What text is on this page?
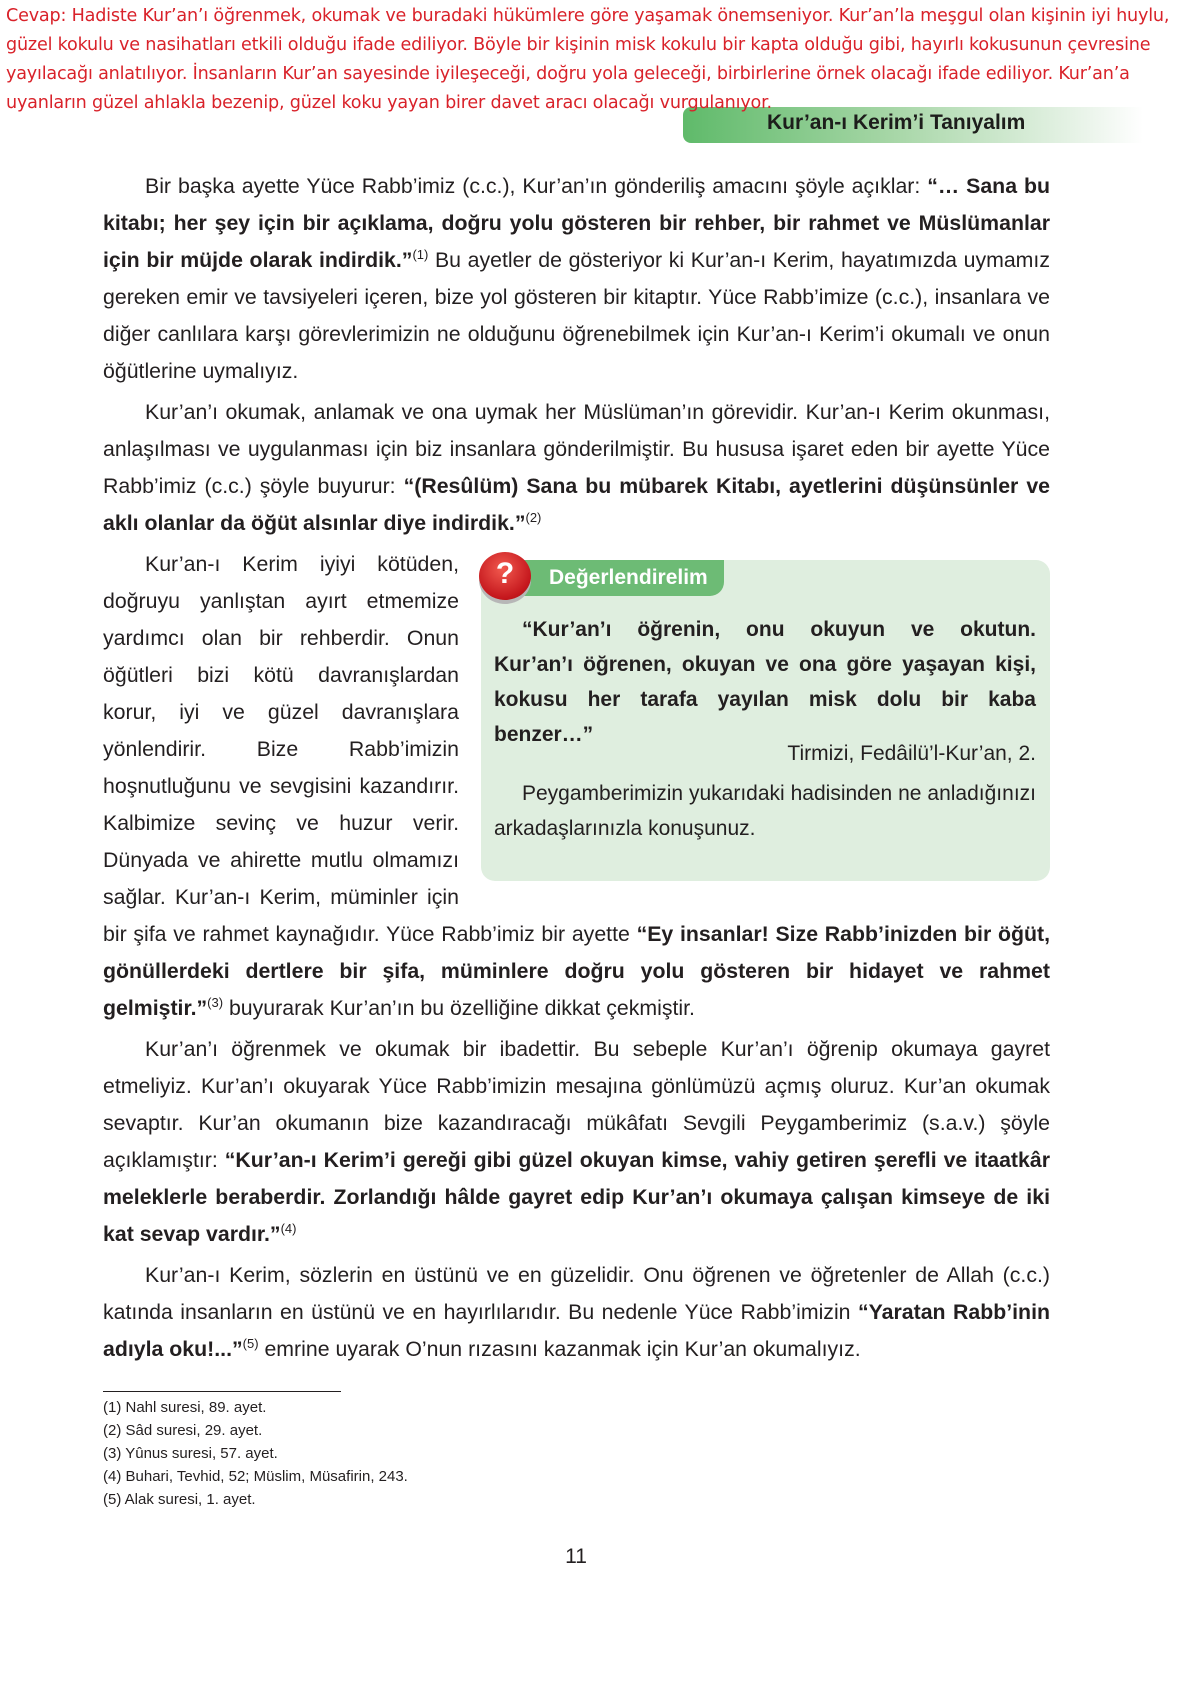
Cevap: Hadiste Kur’an’ı öğrenmek, okumak ve buradaki hükümlere göre yaşamak önemseniyor. Kur’an’la meşgul olan kişinin iyi huylu, güzel kokulu ve nasihatları etkili olduğu ifade ediliyor. Böyle bir kişinin misk kokulu bir kapta olduğu gibi, hayırlı kokusunun çevresine yayılacağı anlatılıyor. İnsanların Kur’an sayesinde iyileşeceği, doğru yola geleceği, birbirlerine örnek olacağı ifade ediliyor. Kur’an’a uyanların güzel ahlakla bezenip, güzel koku yayan birer davet aracı olacağı vurgulanıyor.
Kur’an-ı Kerim’i Tanıyalım

Bir başka ayette Yüce Rabb’imiz (c.c.), Kur’an’ın gönderiliş amacını şöyle açıklar: “… Sana bu kitabı; her şey için bir açıklama, doğru yolu gösteren bir rehber, bir rahmet ve Müslümanlar için bir müjde olarak indirdik.”$^{(1)}$ Bu ayetler de gösteriyor ki Kur’an-ı Kerim, hayatımızda uymamız gereken emir ve tavsiyeleri içeren, bize yol gösteren bir kitaptır. Yüce Rabb’imize (c.c.), insanlara ve diğer canlılara karşı görevlerimizin ne olduğunu öğrenebilmek için Kur’an-ı Kerim’i okumalı ve onun öğütlerine uymalıyız.

Kur’an’ı okumak, anlamak ve ona uymak her Müslüman’ın görevidir. Kur’an-ı Kerim okunması, anlaşılması ve uygulanması için biz insanlara gönderilmiştir. Bu hususa işaret eden bir ayette Yüce Rabb’imiz (c.c.) şöyle buyurur: “(Resûlüm) Sana bu mübarek Kitabı, ayetlerini düşünsünler ve aklı olanlar da öğüt alsınlar diye indirdik.”$^{(2)}$

Değerlendirelim
?
“Kur’an’ı öğrenin, onu okuyun ve okutun.
Kur’an’ı öğrenen, okuyan ve ona göre yaşayan kişi, kokusu her tarafa yayılan misk dolu bir kaba benzer…”
Tirmizi, Fedâilü’l-Kur’an, 2.
Peygamberimizin yukarıdaki hadisinden ne anladığınızı arkadaşlarınızla konuşunuz.
Kur’an-ı Kerim iyiyi kötüden, doğruyu yanlıştan ayırt etmemize yardımcı olan bir rehberdir. Onun öğütleri bizi kötü davranışlardan korur, iyi ve güzel davranışlara yönlendirir. Bize Rabb’imizin hoşnutluğunu ve sevgisini kazandırır. Kalbimize sevinç ve huzur verir. Dünyada ve ahirette mutlu olmamızı sağlar. Kur’an-ı Kerim, müminler için bir şifa ve rahmet kaynağıdır. Yüce Rabb’imiz bir ayette “Ey insanlar! Size Rabb’inizden bir öğüt, gönüllerdeki dertlere bir şifa, müminlere doğru yolu gösteren bir hidayet ve rahmet gelmiştir.”$^{(3)}$ buyurarak Kur’an’ın bu özelliğine dikkat çekmiştir.

Kur’an’ı öğrenmek ve okumak bir ibadettir. Bu sebeple Kur’an’ı öğrenip okumaya gayret etmeliyiz. Kur’an’ı okuyarak Yüce Rabb’imizin mesajına gönlümüzü açmış oluruz. Kur’an okumak sevaptır. Kur’an okumanın bize kazandıracağı mükâfatı Sevgili Peygamberimiz (s.a.v.) şöyle açıklamıştır: “Kur’an-ı Kerim’i gereği gibi güzel okuyan kimse, vahiy getiren şerefli ve itaatkâr meleklerle beraberdir. Zorlandığı hâlde gayret edip Kur’an’ı okumaya çalışan kimseye de iki kat sevap vardır.”$^{(4)}$

Kur’an-ı Kerim, sözlerin en üstünü ve en güzelidir. Onu öğrenen ve öğretenler de Allah (c.c.) katında insanların en üstünü ve en hayırlılarıdır. Bu nedenle Yüce Rabb’imizin “Yaratan Rabb’inin adıyla oku!...”$^{(5)}$ emrine uyarak O’nun rızasını kazanmak için Kur’an okumalıyız.

(1) Nahl suresi, 89. ayet.
(2) Sâd suresi, 29. ayet.
(3) Yûnus suresi, 57. ayet.
(4) Buhari, Tevhid, 52; Müslim, Müsafirin, 243.
(5) Alak suresi, 1. ayet.
11
